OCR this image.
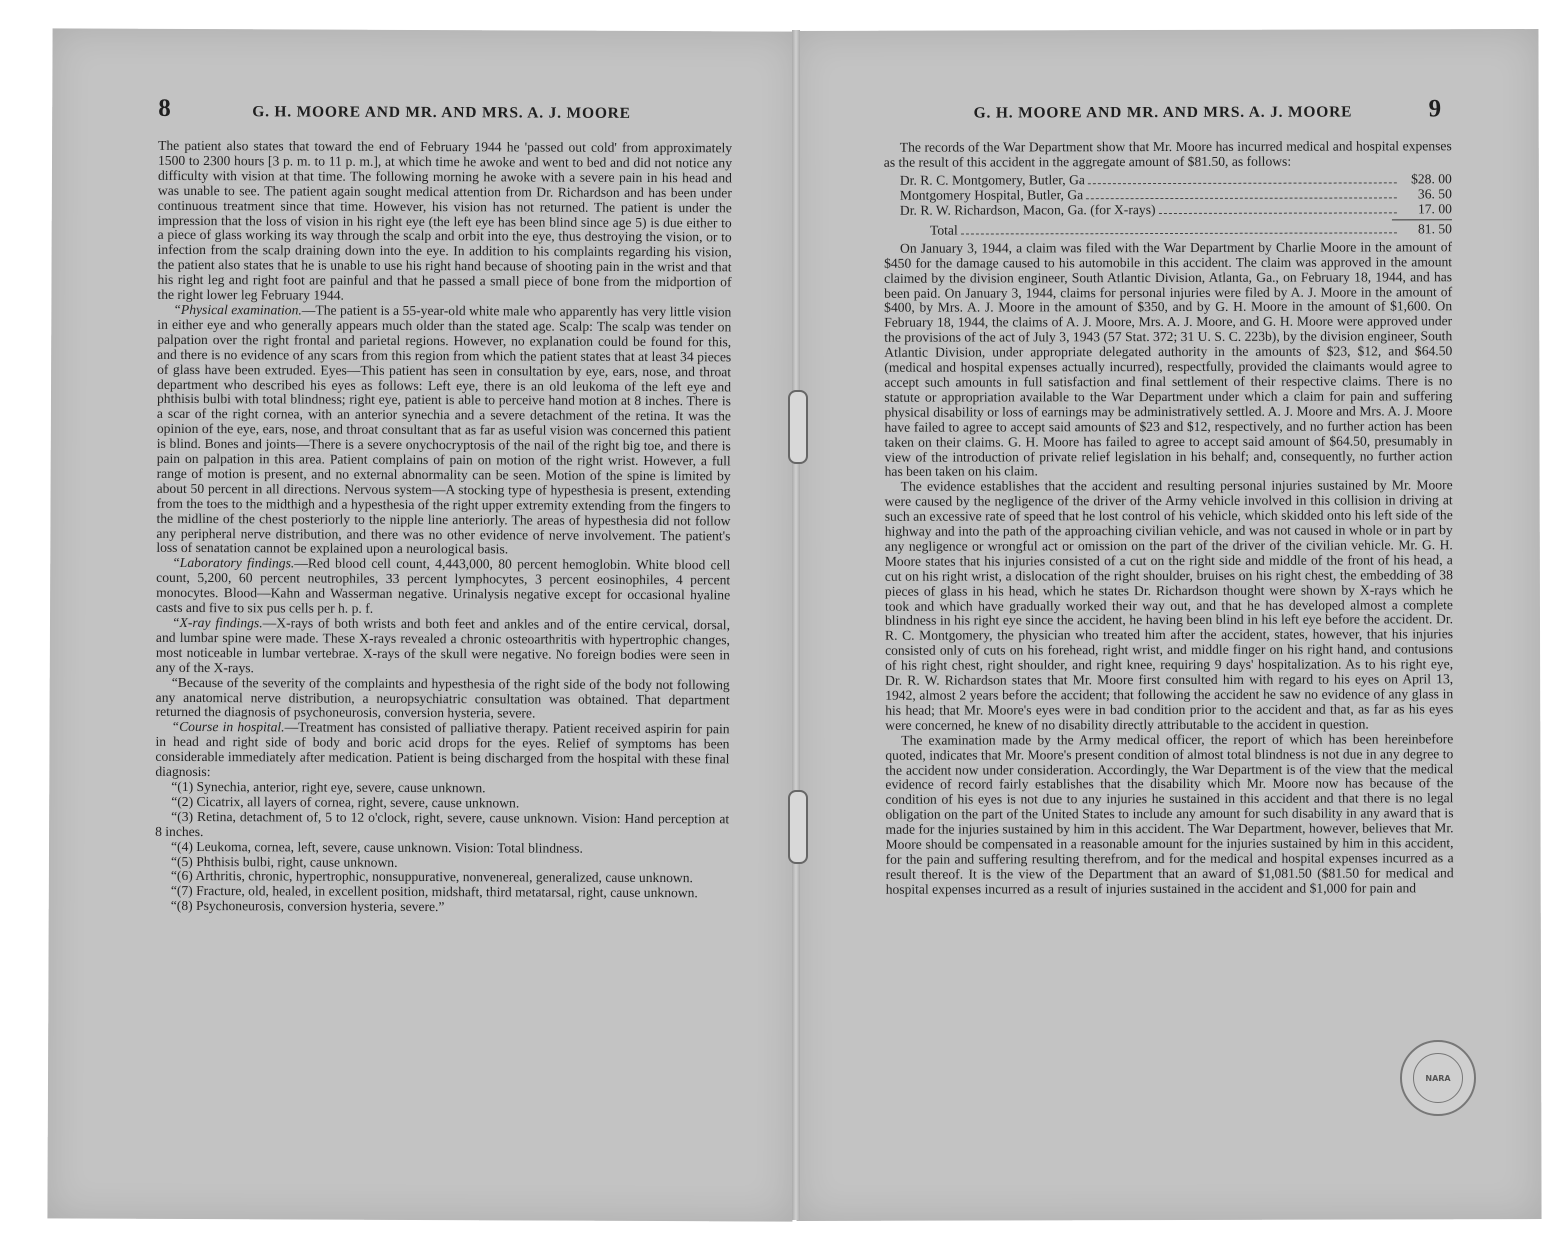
8	G. H. MOORE AND MR. AND MRS. A. J. MOORE

The patient also states that toward the end of February 1944 he 'passed out cold' from approximately 1500 to 2300 hours [3 p. m. to 11 p. m.], at which time he awoke and went to bed and did not notice any difficulty with vision at that time. The following morning he awoke with a severe pain in his head and was unable to see. The patient again sought medical attention from Dr. Richardson and has been under continuous treatment since that time. However, his vision has not returned. The patient is under the impression that the loss of vision in his right eye (the left eye has been blind since age 5) is due either to a piece of glass working its way through the scalp and orbit into the eye, thus destroying the vision, or to infection from the scalp draining down into the eye. In addition to his complaints regarding his vision, the patient also states that he is unable to use his right hand because of shooting pain in the wrist and that his right leg and right foot are painful and that he passed a small piece of bone from the midportion of the right lower leg February 1944.

“Physical examination.—The patient is a 55-year-old white male who apparently has very little vision in either eye and who generally appears much older than the stated age. Scalp: The scalp was tender on palpation over the right frontal and parietal regions. However, no explanation could be found for this, and there is no evidence of any scars from this region from which the patient states that at least 34 pieces of glass have been extruded. Eyes—This patient has seen in consultation by eye, ears, nose, and throat department who described his eyes as follows: Left eye, there is an old leukoma of the left eye and phthisis bulbi with total blindness; right eye, patient is able to perceive hand motion at 8 inches. There is a scar of the right cornea, with an anterior synechia and a severe detachment of the retina. It was the opinion of the eye, ears, nose, and throat consultant that as far as useful vision was concerned this patient is blind. Bones and joints—There is a severe onychocryptosis of the nail of the right big toe, and there is pain on palpation in this area. Patient complains of pain on motion of the right wrist. However, a full range of motion is present, and no external abnormality can be seen. Motion of the spine is limited by about 50 percent in all directions. Nervous system—A stocking type of hypesthesia is present, extending from the toes to the midthigh and a hypesthesia of the right upper extremity extending from the fingers to the midline of the chest posteriorly to the nipple line anteriorly. The areas of hypesthesia did not follow any peripheral nerve distribution, and there was no other evidence of nerve involvement. The patient's loss of senatation cannot be explained upon a neurological basis.

“Laboratory findings.—Red blood cell count, 4,443,000, 80 percent hemoglobin. White blood cell count, 5,200, 60 percent neutrophiles, 33 percent lymphocytes, 3 percent eosinophiles, 4 percent monocytes. Blood—Kahn and Wasserman negative. Urinalysis negative except for occasional hyaline casts and five to six pus cells per h. p. f.

“X-ray findings.—X-rays of both wrists and both feet and ankles and of the entire cervical, dorsal, and lumbar spine were made. These X-rays revealed a chronic osteoarthritis with hypertrophic changes, most noticeable in lumbar vertebrae. X-rays of the skull were negative. No foreign bodies were seen in any of the X-rays.

“Because of the severity of the complaints and hypesthesia of the right side of the body not following any anatomical nerve distribution, a neuropsychiatric consultation was obtained. That department returned the diagnosis of psychoneurosis, conversion hysteria, severe.

“Course in hospital.—Treatment has consisted of palliative therapy. Patient received aspirin for pain in head and right side of body and boric acid drops for the eyes. Relief of symptoms has been considerable immediately after medication. Patient is being discharged from the hospital with these final diagnosis:

“(1) Synechia, anterior, right eye, severe, cause unknown.

“(2) Cicatrix, all layers of cornea, right, severe, cause unknown.

“(3) Retina, detachment of, 5 to 12 o'clock, right, severe, cause unknown. Vision: Hand perception at 8 inches.

“(4) Leukoma, cornea, left, severe, cause unknown. Vision: Total blindness.

“(5) Phthisis bulbi, right, cause unknown.

“(6) Arthritis, chronic, hypertrophic, nonsuppurative, nonvenereal, generalized, cause unknown.

“(7) Fracture, old, healed, in excellent position, midshaft, third metatarsal, right, cause unknown.

“(8) Psychoneurosis, conversion hysteria, severe.”

G. H. MOORE AND MR. AND MRS. A. J. MOORE	9

The records of the War Department show that Mr. Moore has incurred medical and hospital expenses as the result of this accident in the aggregate amount of $81.50, as follows:

Dr. R. C. Montgomery, Butler, Ga	$28. 00
Montgomery Hospital, Butler, Ga	36. 50
Dr. R. W. Richardson, Macon, Ga. (for X-rays)	17. 00
Total	81. 50

On January 3, 1944, a claim was filed with the War Department by Charlie Moore in the amount of $450 for the damage caused to his automobile in this accident. The claim was approved in the amount claimed by the division engineer, South Atlantic Division, Atlanta, Ga., on February 18, 1944, and has been paid. On January 3, 1944, claims for personal injuries were filed by A. J. Moore in the amount of $400, by Mrs. A. J. Moore in the amount of $350, and by G. H. Moore in the amount of $1,600. On February 18, 1944, the claims of A. J. Moore, Mrs. A. J. Moore, and G. H. Moore were approved under the provisions of the act of July 3, 1943 (57 Stat. 372; 31 U. S. C. 223b), by the division engineer, South Atlantic Division, under appropriate delegated authority in the amounts of $23, $12, and $64.50 (medical and hospital expenses actually incurred), respectfully, provided the claimants would agree to accept such amounts in full satisfaction and final settlement of their respective claims. There is no statute or appropriation available to the War Department under which a claim for pain and suffering physical disability or loss of earnings may be administratively settled. A. J. Moore and Mrs. A. J. Moore have failed to agree to accept said amounts of $23 and $12, respectively, and no further action has been taken on their claims. G. H. Moore has failed to agree to accept said amount of $64.50, presumably in view of the introduction of private relief legislation in his behalf; and, consequently, no further action has been taken on his claim.

The evidence establishes that the accident and resulting personal injuries sustained by Mr. Moore were caused by the negligence of the driver of the Army vehicle involved in this collision in driving at such an excessive rate of speed that he lost control of his vehicle, which skidded onto his left side of the highway and into the path of the approaching civilian vehicle, and was not caused in whole or in part by any negligence or wrongful act or omission on the part of the driver of the civilian vehicle. Mr. G. H. Moore states that his injuries consisted of a cut on the right side and middle of the front of his head, a cut on his right wrist, a dislocation of the right shoulder, bruises on his right chest, the embedding of 38 pieces of glass in his head, which he states Dr. Richardson thought were shown by X-rays which he took and which have gradually worked their way out, and that he has developed almost a complete blindness in his right eye since the accident, he having been blind in his left eye before the accident. Dr. R. C. Montgomery, the physician who treated him after the accident, states, however, that his injuries consisted only of cuts on his forehead, right wrist, and middle finger on his right hand, and contusions of his right chest, right shoulder, and right knee, requiring 9 days' hospitalization. As to his right eye, Dr. R. W. Richardson states that Mr. Moore first consulted him with regard to his eyes on April 13, 1942, almost 2 years before the accident; that following the accident he saw no evidence of any glass in his head; that Mr. Moore's eyes were in bad condition prior to the accident and that, as far as his eyes were concerned, he knew of no disability directly attributable to the accident in question.

The examination made by the Army medical officer, the report of which has been hereinbefore quoted, indicates that Mr. Moore's present condition of almost total blindness is not due in any degree to the accident now under consideration. Accordingly, the War Department is of the view that the medical evidence of record fairly establishes that the disability which Mr. Moore now has because of the condition of his eyes is not due to any injuries he sustained in this accident and that there is no legal obligation on the part of the United States to include any amount for such disability in any award that is made for the injuries sustained by him in this accident. The War Department, however, believes that Mr. Moore should be compensated in a reasonable amount for the injuries sustained by him in this accident, for the pain and suffering resulting therefrom, and for the medical and hospital expenses incurred as a result thereof. It is the view of the Department that an award of $1,081.50 ($81.50 for medical and hospital expenses incurred as a result of injuries sustained in the accident and $1,000 for pain and

NARA
